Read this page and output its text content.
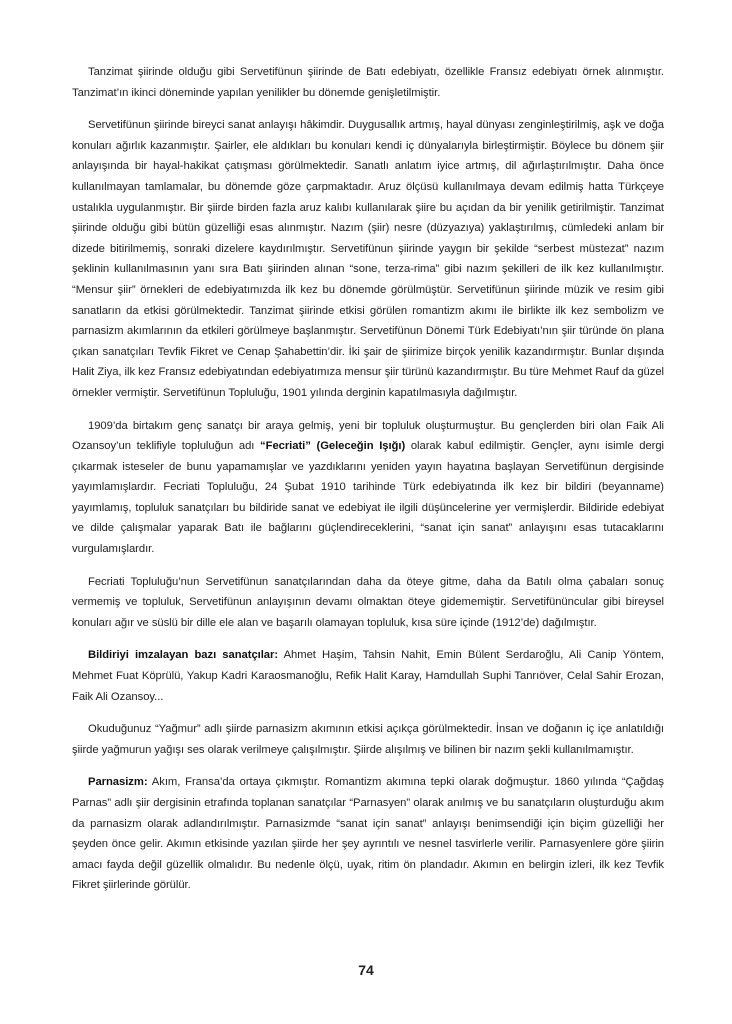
Tanzimat şiirinde olduğu gibi Servetifünun şiirinde de Batı edebiyatı, özellikle Fransız edebiyatı örnek alınmıştır. Tanzimat’ın ikinci döneminde yapılan yenilikler bu dönemde genişletilmiştir.

Servetifünun şiirinde bireyci sanat anlayışı hâkimdir. Duygusallık artmış, hayal dünyası zenginleştirilmiş, aşk ve doğa konuları ağırlık kazanmıştır. Şairler, ele aldıkları bu konuları kendi iç dünyalarıyla birleştirmiştir. Böylece bu dönem şiir anlayışında bir hayal-hakikat çatışması görülmektedir. Sanatlı anlatım iyice artmış, dil ağırlaştırılmıştır. Daha önce kullanılmayan tamlamalar, bu dönemde göze çarpmaktadır. Aruz ölçüsü kullanılmaya devam edilmiş hatta Türkçeye ustalıkla uygulanmıştır. Bir şiirde birden fazla aruz kalıbı kullanılarak şiire bu açıdan da bir yenilik getirilmiştir. Tanzimat şiirinde olduğu gibi bütün güzelliği esas alınmıştır. Nazım (şiir) nesre (düzyazıya) yaklaştırılmış, cümledeki anlam bir dizede bitirilmemiş, sonraki dizelere kaydırılmıştır. Servetifünun şiirinde yaygın bir şekilde “serbest müstezat” nazım şeklinin kullanılmasının yanı sıra Batı şiirinden alınan “sone, terza-rima” gibi nazım şekilleri de ilk kez kullanılmıştır. “Mensur şiir” örnekleri de edebiyatımızda ilk kez bu dönemde görülmüştür. Servetifünun şiirinde müzik ve resim gibi sanatların da etkisi görülmektedir. Tanzimat şiirinde etkisi görülen romantizm akımı ile birlikte ilk kez sembolizm ve parnasizm akımlarının da etkileri görülmeye başlanmıştır. Servetifünun Dönemi Türk Edebiyatı’nın şiir türünde ön plana çıkan sanatçıları Tevfik Fikret ve Cenap Şahabettin’dir. İki şair de şiirimize birçok yenilik kazandırmıştır. Bunlar dışında Halit Ziya, ilk kez Fransız edebiyatından edebiyatımıza mensur şiir türünü kazandırmıştır. Bu türe Mehmet Rauf da güzel örnekler vermiştir. Servetifünun Topluluğu, 1901 yılında derginin kapatılmasıyla dağılmıştır.

1909’da birtakım genç sanatçı bir araya gelmiş, yeni bir topluluk oluşturmuştur. Bu gençlerden biri olan Faik Ali Ozansoy’un teklifiyle topluluğun adı “Fecriati” (Geleceğin Işığı) olarak kabul edilmiştir. Gençler, aynı isimle dergi çıkarmak isteseler de bunu yapamamışlar ve yazdıklarını yeniden yayın hayatına başlayan Servetifünun dergisinde yayımlamışlardır. Fecriati Topluluğu, 24 Şubat 1910 tarihinde Türk edebiyatında ilk kez bir bildiri (beyanname) yayımlamış, topluluk sanatçıları bu bildiride sanat ve edebiyat ile ilgili düşüncelerine yer vermişlerdir. Bildiride edebiyat ve dilde çalışmalar yaparak Batı ile bağlarını güçlendireceklerini, “sanat için sanat” anlayışını esas tutacaklarını vurgulamışlardır.

Fecriati Topluluğu’nun Servetifünun sanatçılarından daha da öteye gitme, daha da Batılı olma çabaları sonuç vermemiş ve topluluk, Servetifünun anlayışının devamı olmaktan öteye gidememiştir. Servetifününcular gibi bireysel konuları ağır ve süslü bir dille ele alan ve başarılı olamayan topluluk, kısa süre içinde (1912’de) dağılmıştır.

Bildiriyi imzalayan bazı sanatçılar: Ahmet Haşim, Tahsin Nahit, Emin Bülent Serdaroğlu, Ali Canip Yöntem, Mehmet Fuat Köprülü, Yakup Kadri Karaosmanoğlu, Refik Halit Karay, Hamdullah Suphi Tanrıöver, Celal Sahir Erozan, Faik Ali Ozansoy...

Okuduğunuz “Yağmur” adlı şiirde parnasizm akımının etkisi açıkça görülmektedir. İnsan ve doğanın iç içe anlatıldığı şiirde yağmurun yağışı ses olarak verilmeye çalışılmıştır. Şiirde alışılmış ve bilinen bir nazım şekli kullanılmamıştır.

Parnasizm: Akım, Fransa’da ortaya çıkmıştır. Romantizm akımına tepki olarak doğmuştur. 1860 yılında “Çağdaş Parnas” adlı şiir dergisinin etrafında toplanan sanatçılar “Parnasyen” olarak anılmış ve bu sanatçıların oluşturduğu akım da parnasizm olarak adlandırılmıştır. Parnasizmde “sanat için sanat” anlayışı benimsendiği için biçim güzelliği her şeyden önce gelir. Akımın etkisinde yazılan şiirde her şey ayrıntılı ve nesnel tasvirlerle verilir. Parnasyenlere göre şiirin amacı fayda değil güzellik olmalıdır. Bu nedenle ölçü, uyak, ritim ön plandadır. Akımın en belirgin izleri, ilk kez Tevfik Fikret şiirlerinde görülür.

74
